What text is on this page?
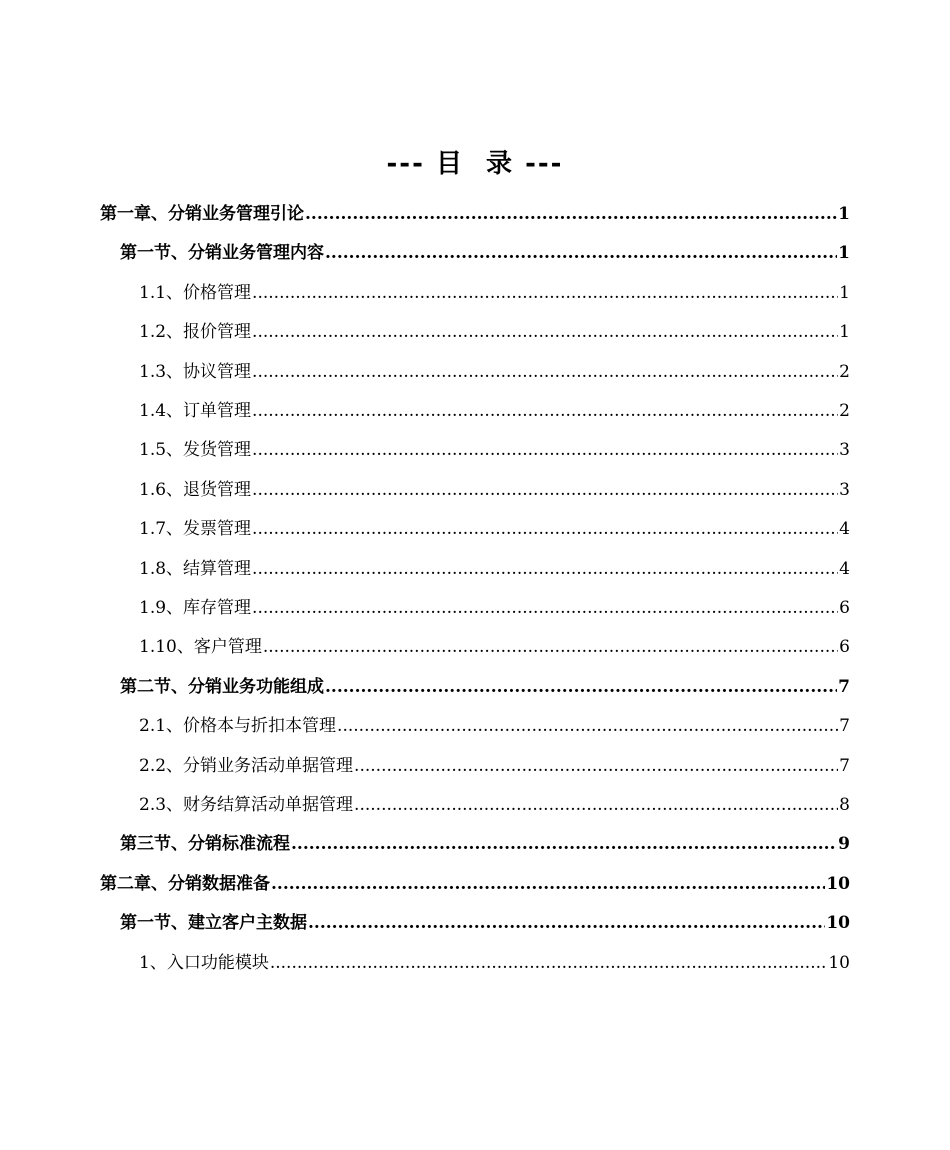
--- 目  录 ---
第一章、分销业务管理引论 .....	1
第一节、分销业务管理内容 .....	1
1.1、价格管理 .....	1
1.2、报价管理 .....	1
1.3、协议管理 .....	2
1.4、订单管理 .....	2
1.5、发货管理 .....	3
1.6、退货管理 .....	3
1.7、发票管理 .....	4
1.8、结算管理 .....	4
1.9、库存管理 .....	6
1.10、客户管理 .....	6
第二节、分销业务功能组成 .....	7
2.1、价格本与折扣本管理 .....	7
2.2、分销业务活动单据管理 .....	7
2.3、财务结算活动单据管理 .....	8
第三节、分销标准流程 .....	9
第二章、分销数据准备 .....	10
第一节、建立客户主数据 .....	10
1、入口功能模块 .....	10
